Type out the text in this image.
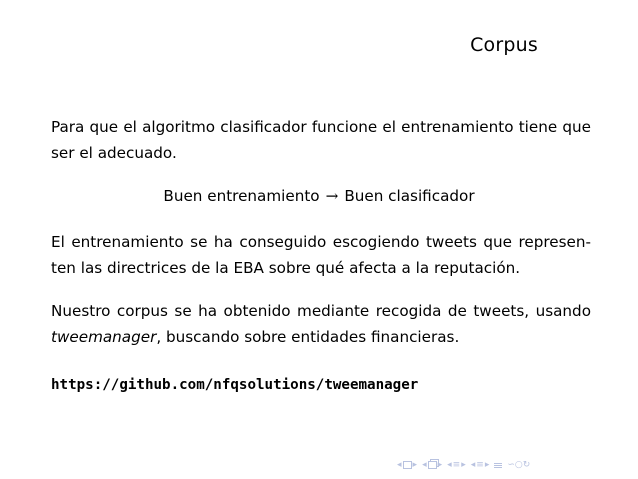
Corpus
Para que el algoritmo clasificador funcione el entrenamiento tiene que ser el adecuado.
Buen entrenamiento → Buen clasificador
El entrenamiento se ha conseguido escogiendo tweets que represen- ten las directrices de la EBA sobre qué afecta a la reputación.
Nuestro corpus se ha obtenido mediante recogida de tweets, usando tweemanager, buscando sobre entidades financieras.
https://github.com/nfqsolutions/tweemanager
◂ ▸ ◂ ▸ ◂ ≡ ▸ ◂ ≡ ▸ ∽○↻
